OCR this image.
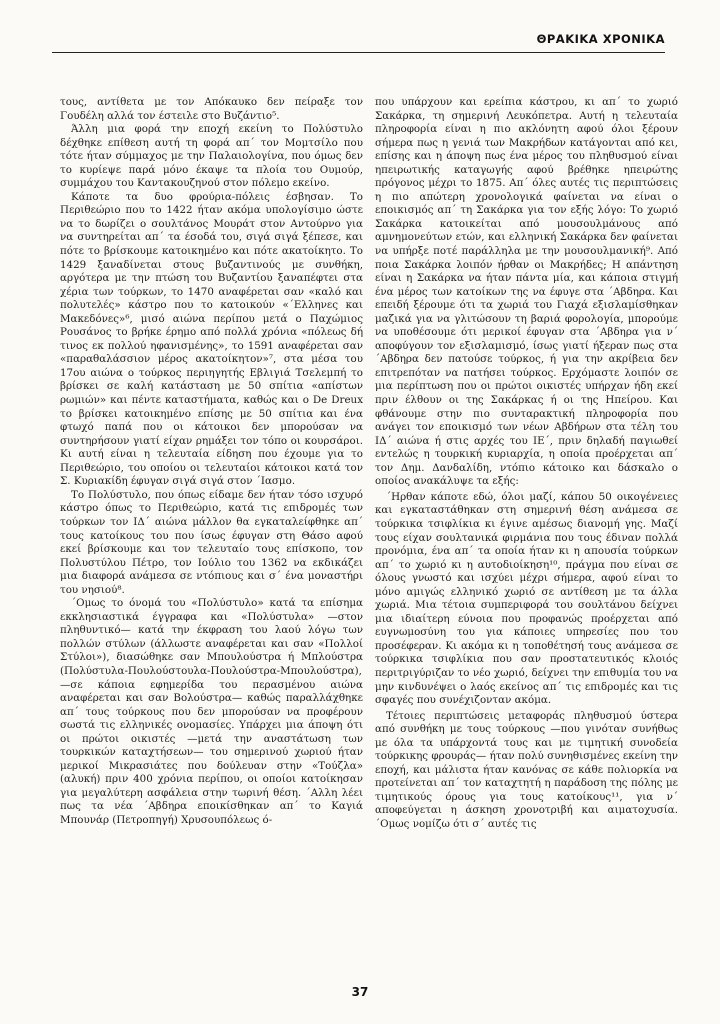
ΘΡΑΚΙΚΑ ΧΡΟΝΙΚΑ

τους, αντίθετα με τον Απόκαυκο δεν πείραξε τον Γουδέλη αλλά τον έστειλε στο Βυζάντιο⁵.

Άλλη μια φορά την εποχή εκείνη το Πολύστυλο δέχθηκε επίθεση αυτή τη φορά απ΄ τον Μομτσίλο που τότε ήταν σύμμαχος με την Παλαιολογίνα, που όμως δεν το κυρίεψε παρά μόνο έκαψε τα πλοία του Ουμούρ, συμμάχου του Καντακουζηνού στον πόλεμο εκείνο.

Κάποτε τα δυο φρούρια-πόλεις έσβησαν. Το Περιθεώριο που το 1422 ήταν ακόμα υπολογίσιμο ώστε να το δωρίζει ο σουλτάνος Μουράτ στον Αντούρνο για να συντηρείται απ΄ τα έσοδά του, σιγά σιγά ξέπεσε, και πότε το βρίσκουμε κατοικημένο και πότε ακατοίκητο. Το 1429 ξαναδίνεται στους βυζαντινούς με συνθήκη, αργότερα με την πτώση του Βυζαντίου ξαναπέφτει στα χέρια των τούρκων, το 1470 αναφέρεται σαν «καλό και πολυτελές» κάστρο που το κατοικούν «΄Ελληνες και Μακεδόνες»⁶, μισό αιώνα περίπου μετά ο Παχώμιος Ρουσάνος το βρήκε έρημο από πολλά χρόνια «πόλεως δή τινος εκ πολλού ηφανισμένης», το 1591 αναφέρεται σαν «παραθαλάσσιον μέρος ακατοίκητον»⁷, στα μέσα του 17ου αιώνα ο τούρκος περιηγητής Εβλιγιά Τσελεμπή το βρίσκει σε καλή κατάσταση με 50 σπίτια «απίστων ρωμιών» και πέντε καταστήματα, καθώς και ο De Dreux το βρίσκει κατοικημένο επίσης με 50 σπίτια και ένα φτωχό παπά που οι κάτοικοι δεν μπορούσαν να συντηρήσουν γιατί είχαν ρημάξει τον τόπο οι κουρσάροι. Κι αυτή είναι η τελευταία είδηση που έχουμε για το Περιθεώριο, του οποίου οι τελευταίοι κάτοικοι κατά τον Σ. Κυριακίδη έφυγαν σιγά σιγά στον ΄Ιασμο.

Το Πολύστυλο, που όπως είδαμε δεν ήταν τόσο ισχυρό κάστρο όπως το Περιθεώριο, κατά τις επιδρομές των τούρκων τον ΙΔ΄ αιώνα μάλλον θα εγκαταλείφθηκε απ΄ τους κατοίκους του που ίσως έφυγαν στη Θάσο αφού εκεί βρίσκουμε και τον τελευταίο τους επίσκοπο, τον Πολυστύλου Πέτρο, τον Ιούλιο του 1362 να εκδικάζει μια διαφορά ανάμεσα σε ντόπιους και σ΄ ένα μοναστήρι του νησιού⁸.

΄Ομως το όνομά του «Πολύστυλο» κατά τα επίσημα εκκλησιαστικά έγγραφα και «Πολύστυλα» —στον πληθυντικό— κατά την έκφραση του λαού λόγω των πολλών στύλων (άλλωστε αναφέρεται και σαν «Πολλοί Στύλοι»), διασώθηκε σαν Μπουλούστρα ή Μπλούστρα (Πολύστυλα-Πουλούστουλα-Πουλούστρα-Μπουλούστρα), —σε κάποια εφημερίδα του περασμένου αιώνα αναφέρεται και σαν Βολούστρα— καθώς παραλλάχθηκε απ΄ τους τούρκους που δεν μπορούσαν να προφέρουν σωστά τις ελληνικές ονομασίες. Υπάρχει μια άποψη ότι οι πρώτοι οικιστές —μετά την αναστάτωση των τουρκικών καταχτήσεων— του σημερινού χωριού ήταν μερικοί Μικρασιάτες που δούλευαν στην «Τούζλα» (αλυκή) πριν 400 χρόνια περίπου, οι οποίοι κατοίκησαν για μεγαλύτερη ασφάλεια στην τωρινή θέση. ΄Αλλη λέει πως τα νέα ΄Αβδηρα εποικίσθηκαν απ΄ το Καγιά Μπουνάρ (Πετροπηγή) Χρυσουπόλεως ό-

που υπάρχουν και ερείπια κάστρου, κι απ΄ το χωριό Σακάρκα, τη σημερινή Λευκόπετρα. Αυτή η τελευταία πληροφορία είναι η πιο ακλόνητη αφού όλοι ξέρουν σήμερα πως η γενιά των Μακρήδων κατάγονται από κει, επίσης και η άποψη πως ένα μέρος του πληθυσμού είναι ηπειρωτικής καταγωγής αφού βρέθηκε ηπειρώτης πρόγονος μέχρι το 1875. Απ΄ όλες αυτές τις περιπτώσεις η πιο απώτερη χρονολογικά φαίνεται να είναι ο εποικισμός απ΄ τη Σακάρκα για τον εξής λόγο: Το χωριό Σακάρκα κατοικείται από μουσουλμάνους από αμνημονεύτων ετών, και ελληνική Σακάρκα δεν φαίνεται να υπήρξε ποτέ παράλληλα με την μουσουλμανική⁹. Από ποια Σακάρκα λοιπόν ήρθαν οι Μακρήδες; Η απάντηση είναι η Σακάρκα να ήταν πάντα μία, και κάποια στιγμή ένα μέρος των κατοίκων της να έφυγε στα ΄Αβδηρα. Και επειδή ξέρουμε ότι τα χωριά του Γιαχά εξισλαμίσθηκαν μαζικά για να γλιτώσουν τη βαριά φορολογία, μπορούμε να υποθέσουμε ότι μερικοί έφυγαν στα ΄Αβδηρα για ν΄ αποφύγουν τον εξισλαμισμό, ίσως γιατί ήξεραν πως στα ΄Αβδηρα δεν πατούσε τούρκος, ή για την ακρίβεια δεν επιτρεπόταν να πατήσει τούρκος. Ερχόμαστε λοιπόν σε μια περίπτωση που οι πρώτοι οικιστές υπήρχαν ήδη εκεί πριν έλθουν οι της Σακάρκας ή οι της Ηπείρου. Και φθάνουμε στην πιο συνταρακτική πληροφορία που ανάγει τον εποικισμό των νέων Αβδήρων στα τέλη του ΙΔ΄ αιώνα ή στις αρχές του ΙΕ΄, πριν δηλαδή παγιωθεί εντελώς η τουρκική κυριαρχία, η οποία προέρχεται απ΄ τον Δημ. Δανδαλίδη, ντόπιο κάτοικο και δάσκαλο ο οποίος ανακάλυψε τα εξής:

΄Ηρθαν κάποτε εδώ, όλοι μαζί, κάπου 50 οικογένειες και εγκαταστάθηκαν στη σημερινή θέση ανάμεσα σε τούρκικα τσιφλίκια κι έγινε αμέσως διανομή γης. Μαζί τους είχαν σουλτανικά φιρμάνια που τους έδιναν πολλά προνόμια, ένα απ΄ τα οποία ήταν κι η απουσία τούρκων απ΄ το χωριό κι η αυτοδιοίκηση¹⁰, πράγμα που είναι σε όλους γνωστό και ισχύει μέχρι σήμερα, αφού είναι το μόνο αμιγώς ελληνικό χωριό σε αντίθεση με τα άλλα χωριά. Μια τέτοια συμπεριφορά του σουλτάνου δείχνει μια ιδιαίτερη εύνοια που προφανώς προέρχεται από ευγνωμοσύνη του για κάποιες υπηρεσίες που του προσέφεραν. Κι ακόμα κι η τοποθέτησή τους ανάμεσα σε τούρκικα τσιφλίκια που σαν προστατευτικός κλοιός περιτριγύριζαν το νέο χωριό, δείχνει την επιθυμία του να μην κινδυνέψει ο λαός εκείνος απ΄ τις επιδρομές και τις σφαγές που συνέχιζονταν ακόμα.

Τέτοιες περιπτώσεις μεταφοράς πληθυσμού ύστερα από συνθήκη με τους τούρκους —που γινόταν συνήθως με όλα τα υπάρχοντά τους και με τιμητική συνοδεία τούρκικης φρουράς— ήταν πολύ συνηθισμένες εκείνη την εποχή, και μάλιστα ήταν κανόνας σε κάθε πολιορκία να προτείνεται απ΄ τον καταχτητή η παράδοση της πόλης με τιμητικούς όρους για τους κατοίκους¹¹, για ν΄ αποφεύγεται η άσκηση χρονοτριβή και αιματοχυσία. ΄Ομως νομίζω ότι σ΄ αυτές τις

37
